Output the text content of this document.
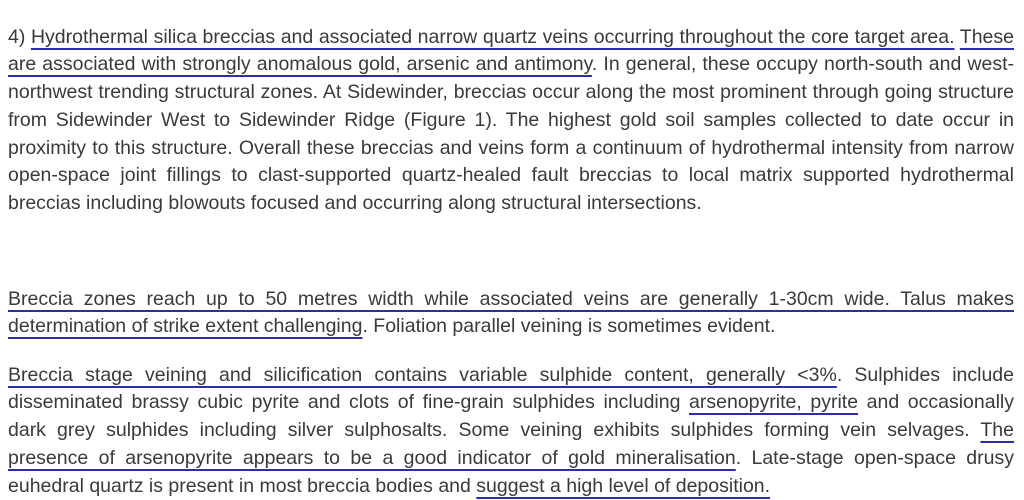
4) Hydrothermal silica breccias and associated narrow quartz veins occurring throughout the core target area. These are associated with strongly anomalous gold, arsenic and antimony. In general, these occupy north-south and west-northwest trending structural zones. At Sidewinder, breccias occur along the most prominent through going structure from Sidewinder West to Sidewinder Ridge (Figure 1). The highest gold soil samples collected to date occur in proximity to this structure. Overall these breccias and veins form a continuum of hydrothermal intensity from narrow open-space joint fillings to clast-supported quartz-healed fault breccias to local matrix supported hydrothermal breccias including blowouts focused and occurring along structural intersections.

Breccia zones reach up to 50 metres width while associated veins are generally 1-30cm wide. Talus makes determination of strike extent challenging. Foliation parallel veining is sometimes evident.

Breccia stage veining and silicification contains variable sulphide content, generally <3%. Sulphides include disseminated brassy cubic pyrite and clots of fine-grain sulphides including arsenopyrite, pyrite and occasionally dark grey sulphides including silver sulphosalts. Some veining exhibits sulphides forming vein selvages. The presence of arsenopyrite appears to be a good indicator of gold mineralisation. Late-stage open-space drusy euhedral quartz is present in most breccia bodies and suggest a high level of deposition.
